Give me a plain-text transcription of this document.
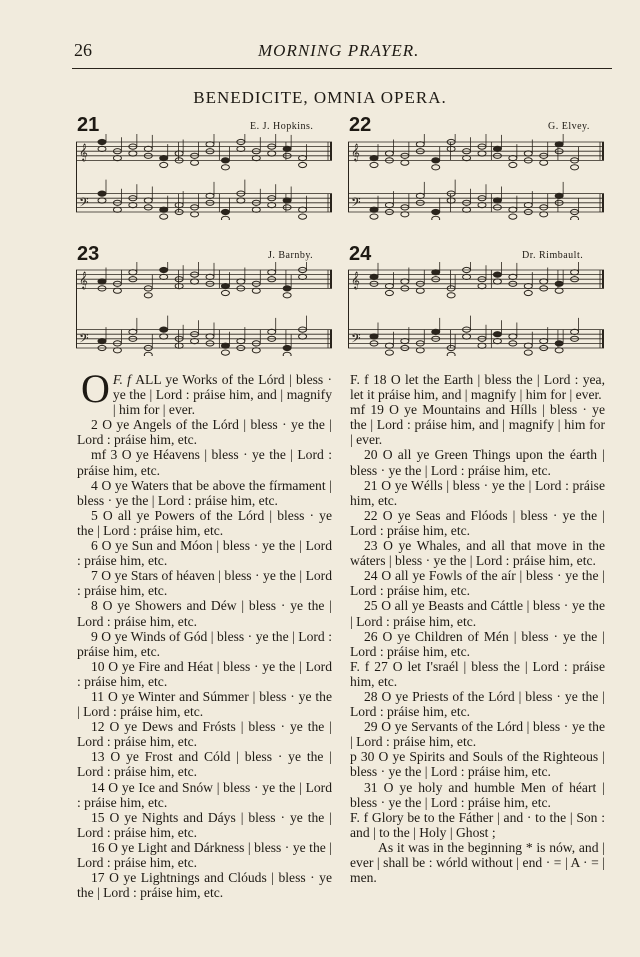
26	MORNING PRAYER.
BENEDICITE, OMNIA OPERA.
21	E. J. Hopkins. 22	G. Elvey.
23	J. Barnby. 24	Dr. Rimbault.
𝄞
𝄢
𝄞
𝄢
𝄞
𝄢
𝄞
𝄢

F. f
O ALL ye Works of the Lórd | bless · ye the | Lord : práise him, and | magnify | him for | ever.

2 O ye Angels of the Lórd | bless · ye the | Lord : práise him, etc.

mf 3 O ye Héavens | bless · ye the | Lord : práise him, etc.

4 O ye Waters that be above the fírmament | bless · ye the | Lord : práise him, etc.

5 O all ye Powers of the Lórd | bless · ye the | Lord : práise him, etc.

6 O ye Sun and Móon | bless · ye the | Lord : práise him, etc.

7 O ye Stars of héaven | bless · ye the | Lord : práise him, etc.

8 O ye Showers and Déw | bless · ye the | Lord : práise him, etc.

9 O ye Winds of Gód | bless · ye the | Lord : práise him, etc.

10 O ye Fire and Héat | bless · ye the | Lord : práise him, etc.

11 O ye Winter and Súmmer | bless · ye the | Lord : práise him, etc.

12 O ye Dews and Frósts | bless · ye the | Lord : práise him, etc.

13 O ye Frost and Cóld | bless · ye the | Lord : práise him, etc.

14 O ye Ice and Snów | bless · ye the | Lord : práise him, etc.

15 O ye Nights and Dáys | bless · ye the | Lord : práise him, etc.

16 O ye Light and Dárkness | bless · ye the | Lord : práise him, etc.

17 O ye Lightnings and Clóuds | bless · ye the | Lord : práise him, etc.

F. f 18 O let the Earth | bless the | Lord : yea, let it práise him, and | magnify | him for | ever.

mf 19 O ye Mountains and Hílls | bless · ye the | Lord : práise him, and | magnify | him for | ever.

20 O all ye Green Things upon the éarth | bless · ye the | Lord : práise him, etc.

21 O ye Wélls | bless · ye the | Lord : práise him, etc.

22 O ye Seas and Flóods | bless · ye the | Lord : práise him, etc.

23 O ye Whales, and all that move in the wáters | bless · ye the | Lord : práise him, etc.

24 O all ye Fowls of the aír | bless · ye the | Lord : práise him, etc.

25 O all ye Beasts and Cáttle | bless · ye the | Lord : práise him, etc.

26 O ye Children of Mén | bless · ye the | Lord : práise him, etc.

F. f 27 O let I'sraél | bless the | Lord : práise him, etc.

28 O ye Priests of the Lórd | bless · ye the | Lord : práise him, etc.

29 O ye Servants of the Lórd | bless · ye the | Lord : práise him, etc.

p 30 O ye Spirits and Souls of the Righteous | bless · ye the | Lord : práise him, etc.

31 O ye holy and humble Men of héart | bless · ye the | Lord : práise him, etc.

F. f Glory be to the Fáther | and · to the | Son : and | to the | Holy | Ghost ;

As it was in the beginning * is nów, and | ever | shall be : wórld without | end · = | A · = | men.
